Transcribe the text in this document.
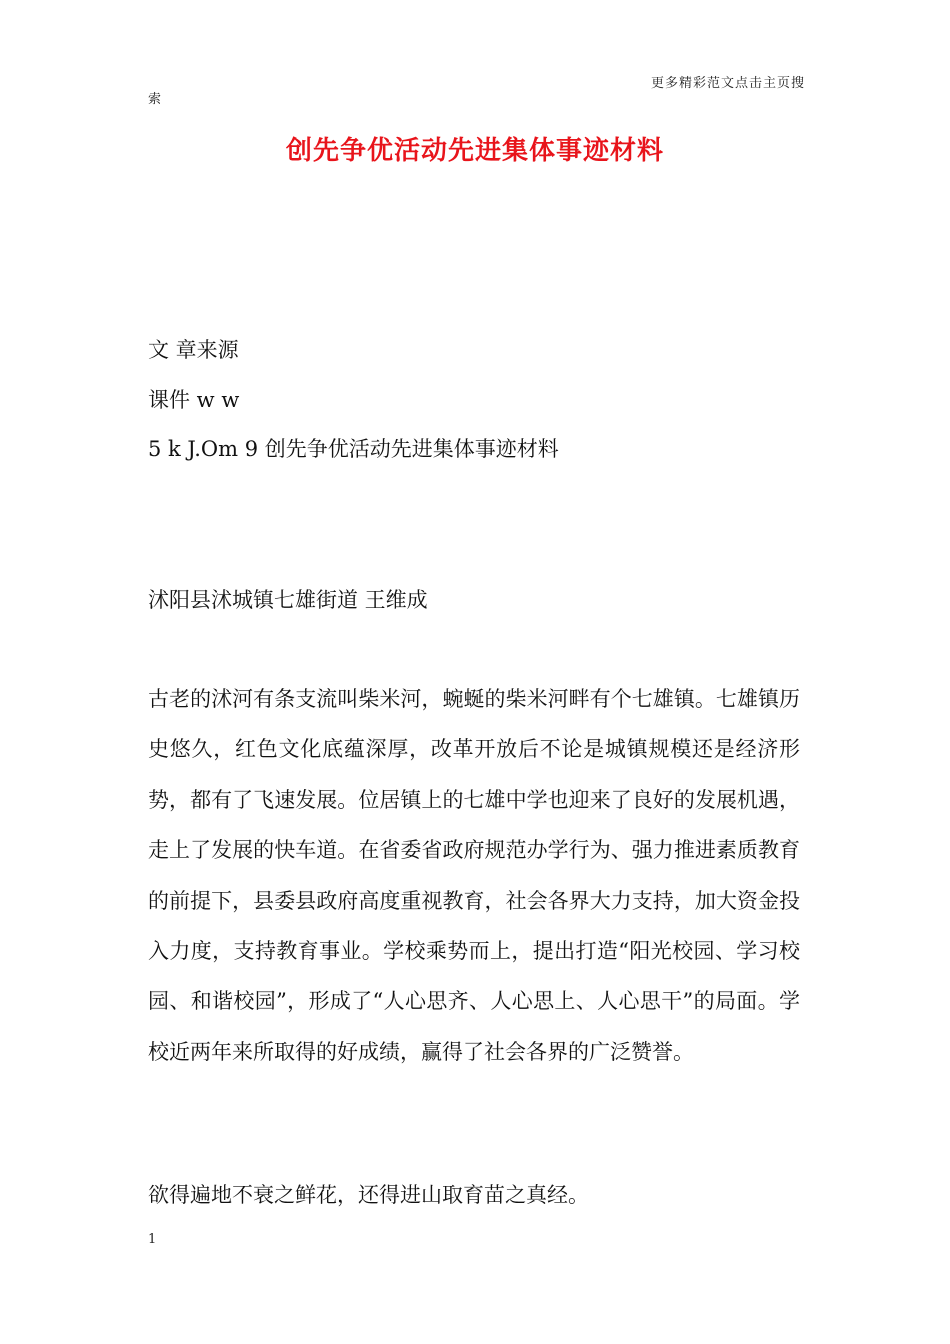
更多精彩范文点击主页搜
索
创先争优活动先进集体事迹材料
文 章来源
课件 w w
5 k J.Om 9 创先争优活动先进集体事迹材料
沭阳县沭城镇七雄街道 王维成
古老的沭河有条支流叫柴米河，蜿蜒的柴米河畔有个七雄镇。七雄镇历史悠久，红色文化底蕴深厚，改革开放后不论是城镇规模还是经济形势，都有了飞速发展。位居镇上的七雄中学也迎来了良好的发展机遇，走上了发展的快车道。在省委省政府规范办学行为、强力推进素质教育的前提下，县委县政府高度重视教育，社会各界大力支持，加大资金投入力度，支持教育事业。学校乘势而上，提出打造“阳光校园、学习校园、和谐校园”，形成了“人心思齐、人心思上、人心思干”的局面。学校近两年来所取得的好成绩，赢得了社会各界的广泛赞誉。
欲得遍地不衰之鲜花，还得进山取育苗之真经。
1
